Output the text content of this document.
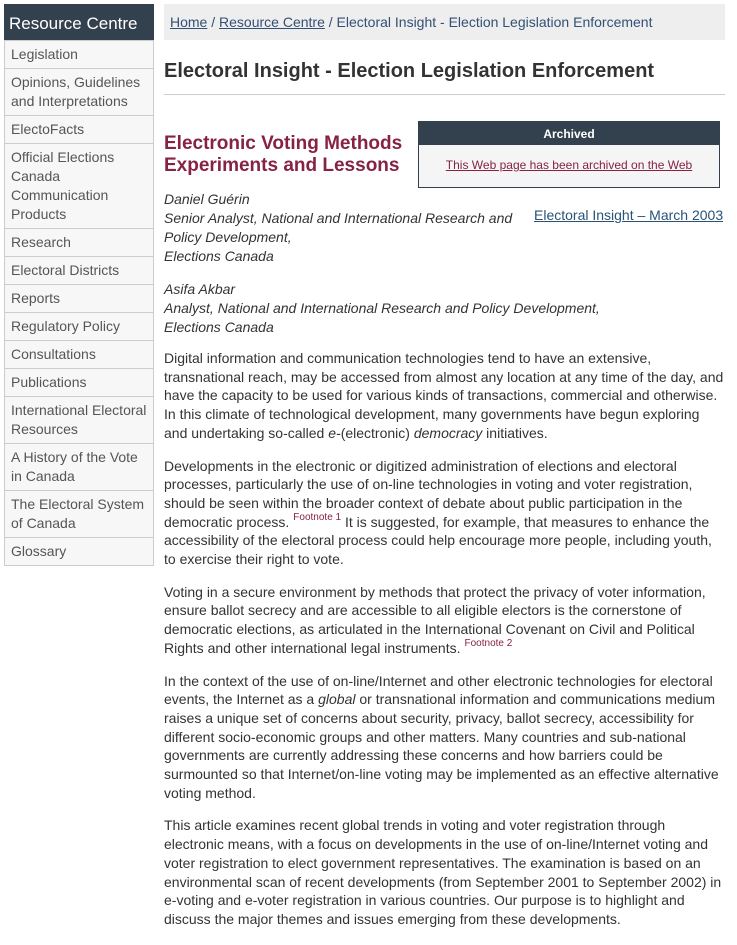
Resource Centre
Legislation
Opinions, Guidelines and Interpretations
ElectoFacts
Official Elections Canada Communication Products
Research
Electoral Districts
Reports
Regulatory Policy
Consultations
Publications
International Electoral Resources
A History of the Vote in Canada
The Electoral System of Canada
Glossary
Home / Resource Centre / Electoral Insight - Election Legislation Enforcement
Electoral Insight - Election Legislation Enforcement
Electronic Voting Methods Experiments and Lessons
Archived
This Web page has been archived on the Web
Electoral Insight – March 2003
Daniel Guérin
Senior Analyst, National and International Research and Policy Development,
Elections Canada
Asifa Akbar
Analyst, National and International Research and Policy Development,
Elections Canada

Digital information and communication technologies tend to have an extensive, transnational reach, may be accessed from almost any location at any time of the day, and have the capacity to be used for various kinds of transactions, commercial and otherwise. In this climate of technological development, many governments have begun exploring and undertaking so-called e-(electronic) democracy initiatives.

Developments in the electronic or digitized administration of elections and electoral processes, particularly the use of on-line technologies in voting and voter registration, should be seen within the broader context of debate about public participation in the democratic process. $^{Footnote 1}$ It is suggested, for example, that measures to enhance the accessibility of the electoral process could help encourage more people, including youth, to exercise their right to vote.

Voting in a secure environment by methods that protect the privacy of voter information, ensure ballot secrecy and are accessible to all eligible electors is the cornerstone of democratic elections, as articulated in the International Covenant on Civil and Political Rights and other international legal instruments. $^{Footnote 2}$

In the context of the use of on-line/Internet and other electronic technologies for electoral events, the Internet as a global or transnational information and communications medium raises a unique set of concerns about security, privacy, ballot secrecy, accessibility for different socio-economic groups and other matters. Many countries and sub-national governments are currently addressing these concerns and how barriers could be surmounted so that Internet/on-line voting may be implemented as an effective alternative voting method.

This article examines recent global trends in voting and voter registration through electronic means, with a focus on developments in the use of on-line/Internet voting and voter registration to elect government representatives. The examination is based on an environmental scan of recent developments (from September 2001 to September 2002) in e-voting and e-voter registration in various countries. Our purpose is to highlight and discuss the major themes and issues emerging from these developments.
